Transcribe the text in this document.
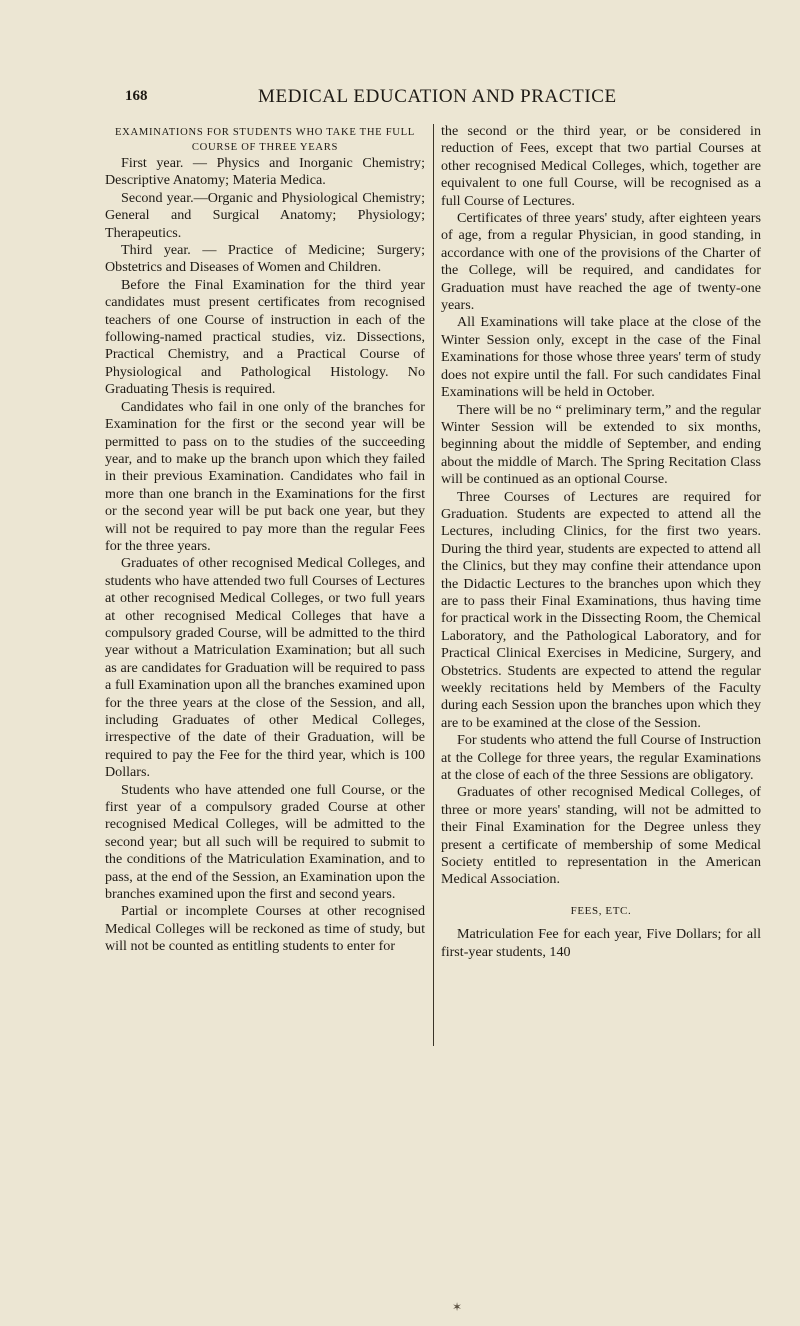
168	MEDICAL EDUCATION AND PRACTICE

EXAMINATIONS FOR STUDENTS WHO TAKE THE FULL COURSE OF THREE YEARS

First year. — Physics and Inorganic Chemistry; Descriptive Anatomy; Materia Medica.

Second year.—Organic and Physiological Chemistry; General and Surgical Anatomy; Physiology; Therapeutics.

Third year. — Practice of Medicine; Surgery; Obstetrics and Diseases of Women and Children.

Before the Final Examination for the third year candidates must present certificates from recognised teachers of one Course of instruction in each of the following-named practical studies, viz. Dissections, Practical Chemistry, and a Practical Course of Physiological and Pathological Histology. No Graduating Thesis is required.

Candidates who fail in one only of the branches for Examination for the first or the second year will be permitted to pass on to the studies of the succeeding year, and to make up the branch upon which they failed in their previous Examination. Candidates who fail in more than one branch in the Examinations for the first or the second year will be put back one year, but they will not be required to pay more than the regular Fees for the three years.

Graduates of other recognised Medical Colleges, and students who have attended two full Courses of Lectures at other recognised Medical Colleges, or two full years at other recognised Medical Colleges that have a compulsory graded Course, will be admitted to the third year without a Matriculation Examination; but all such as are candidates for Graduation will be required to pass a full Examination upon all the branches examined upon for the three years at the close of the Session, and all, including Graduates of other Medical Colleges, irrespective of the date of their Graduation, will be required to pay the Fee for the third year, which is 100 Dollars.

Students who have attended one full Course, or the first year of a compulsory graded Course at other recognised Medical Colleges, will be admitted to the second year; but all such will be required to submit to the conditions of the Matriculation Examination, and to pass, at the end of the Session, an Examination upon the branches examined upon the first and second years.

Partial or incomplete Courses at other recognised Medical Colleges will be reckoned as time of study, but will not be counted as entitling students to enter for

the second or the third year, or be considered in reduction of Fees, except that two partial Courses at other recognised Medical Colleges, which, together are equivalent to one full Course, will be recognised as a full Course of Lectures.

Certificates of three years' study, after eighteen years of age, from a regular Physician, in good standing, in accordance with one of the provisions of the Charter of the College, will be required, and candidates for Graduation must have reached the age of twenty-one years.

All Examinations will take place at the close of the Winter Session only, except in the case of the Final Examinations for those whose three years' term of study does not expire until the fall. For such candidates Final Examinations will be held in October.

There will be no “ preliminary term,” and the regular Winter Session will be extended to six months, beginning about the middle of September, and ending about the middle of March. The Spring Recitation Class will be continued as an optional Course.

Three Courses of Lectures are required for Graduation. Students are expected to attend all the Lectures, including Clinics, for the first two years. During the third year, students are expected to attend all the Clinics, but they may confine their attendance upon the Didactic Lectures to the branches upon which they are to pass their Final Examinations, thus having time for practical work in the Dissecting Room, the Chemical Laboratory, and the Pathological Laboratory, and for Practical Clinical Exercises in Medicine, Surgery, and Obstetrics. Students are expected to attend the regular weekly recitations held by Members of the Faculty during each Session upon the branches upon which they are to be examined at the close of the Session.

For students who attend the full Course of Instruction at the College for three years, the regular Examinations at the close of each of the three Sessions are obligatory.

Graduates of other recognised Medical Colleges, of three or more years' standing, will not be admitted to their Final Examination for the Degree unless they present a certificate of membership of some Medical Society entitled to representation in the American Medical Association.

FEES, ETC.

Matriculation Fee for each year, Five Dollars; for all first-year students, 140

✶
